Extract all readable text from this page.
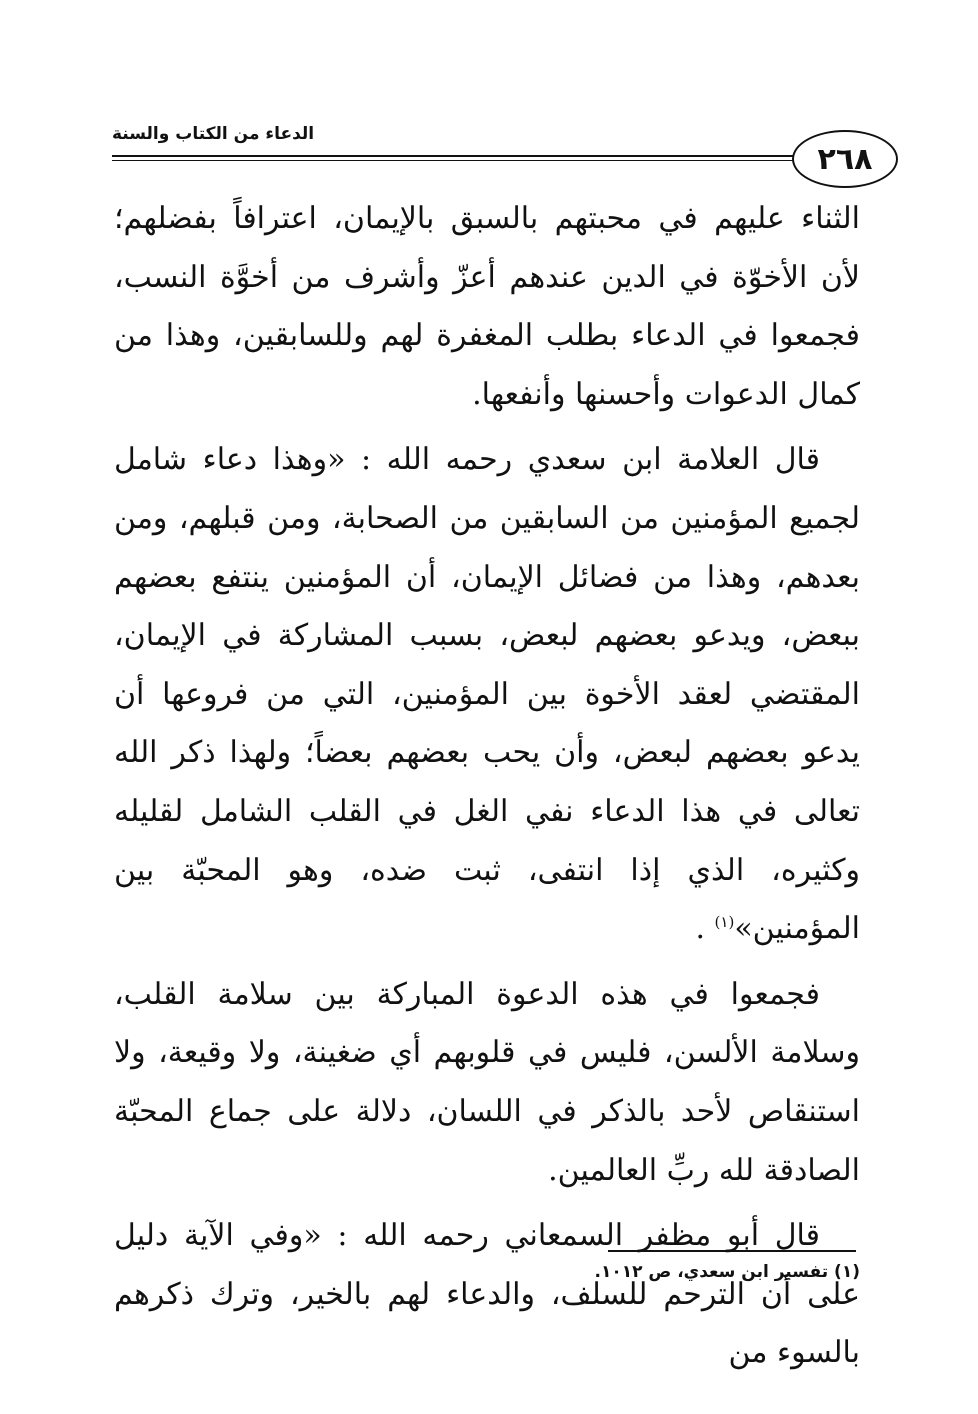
٢٦٨
الدعاء من الكتاب والسنة

الثناء عليهم في محبتهم بالسبق بالإيمان، اعترافاً بفضلهم؛ لأن الأخوّة في الدين عندهم أعزّ وأشرف من أخوَّة النسب، فجمعوا في الدعاء بطلب المغفرة لهم وللسابقين، وهذا من كمال الدعوات وأحسنها وأنفعها.

قال العلامة ابن سعدي رحمه الله : «وهذا دعاء شامل لجميع المؤمنين من السابقين من الصحابة، ومن قبلهم، ومن بعدهم، وهذا من فضائل الإيمان، أن المؤمنين ينتفع بعضهم ببعض، ويدعو بعضهم لبعض، بسبب المشاركة في الإيمان، المقتضي لعقد الأخوة بين المؤمنين، التي من فروعها أن يدعو بعضهم لبعض، وأن يحب بعضهم بعضاً؛ ولهذا ذكر الله تعالى في هذا الدعاء نفي الغل في القلب الشامل لقليله وكثيره، الذي إذا انتفى، ثبت ضده، وهو المحبّة بين المؤمنين»$^{(١)}$ .

فجمعوا في هذه الدعوة المباركة بين سلامة القلب، وسلامة الألسن، فليس في قلوبهم أي ضغينة، ولا وقيعة، ولا استنقاص لأحد بالذكر في اللسان، دلالة على جماع المحبّة الصادقة لله ربِّ العالمين.

قال أبو مظفر السمعاني رحمه الله : «وفي الآية دليل على أن الترحم للسلف، والدعاء لهم بالخير، وترك ذكرهم بالسوء من

(١) تفسير ابن سعدي، ص ١٠١٢.
